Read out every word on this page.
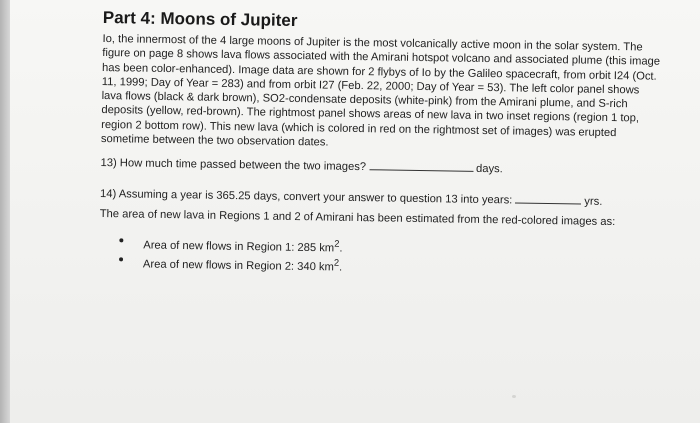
Part 4: Moons of Jupiter

Io, the innermost of the 4 large moons of Jupiter is the most volcanically active moon in the solar system. The figure on page 8 shows lava flows associated with the Amirani hotspot volcano and associated plume (this image has been color-enhanced). Image data are shown for 2 flybys of Io by the Galileo spacecraft, from orbit I24 (Oct. 11, 1999; Day of Year = 283) and from orbit I27 (Feb. 22, 2000; Day of Year = 53). The left color panel shows lava flows (black & dark brown), SO2-condensate deposits (white-pink) from the Amirani plume, and S-rich deposits (yellow, red-brown). The rightmost panel shows areas of new lava in two inset regions (region 1 top, region 2 bottom row). This new lava (which is colored in red on the rightmost set of images) was erupted sometime between the two observation dates.

13) How much time passed between the two images?	days.
14) Assuming a year is 365.25 days, convert your answer to question 13 into years:	yrs.

The area of new lava in Regions 1 and 2 of Amirani has been estimated from the red-colored images as:

Area of new flows in Region 1: 285 $km^2$.
Area of new flows in Region 2: 340 $km^2$.
